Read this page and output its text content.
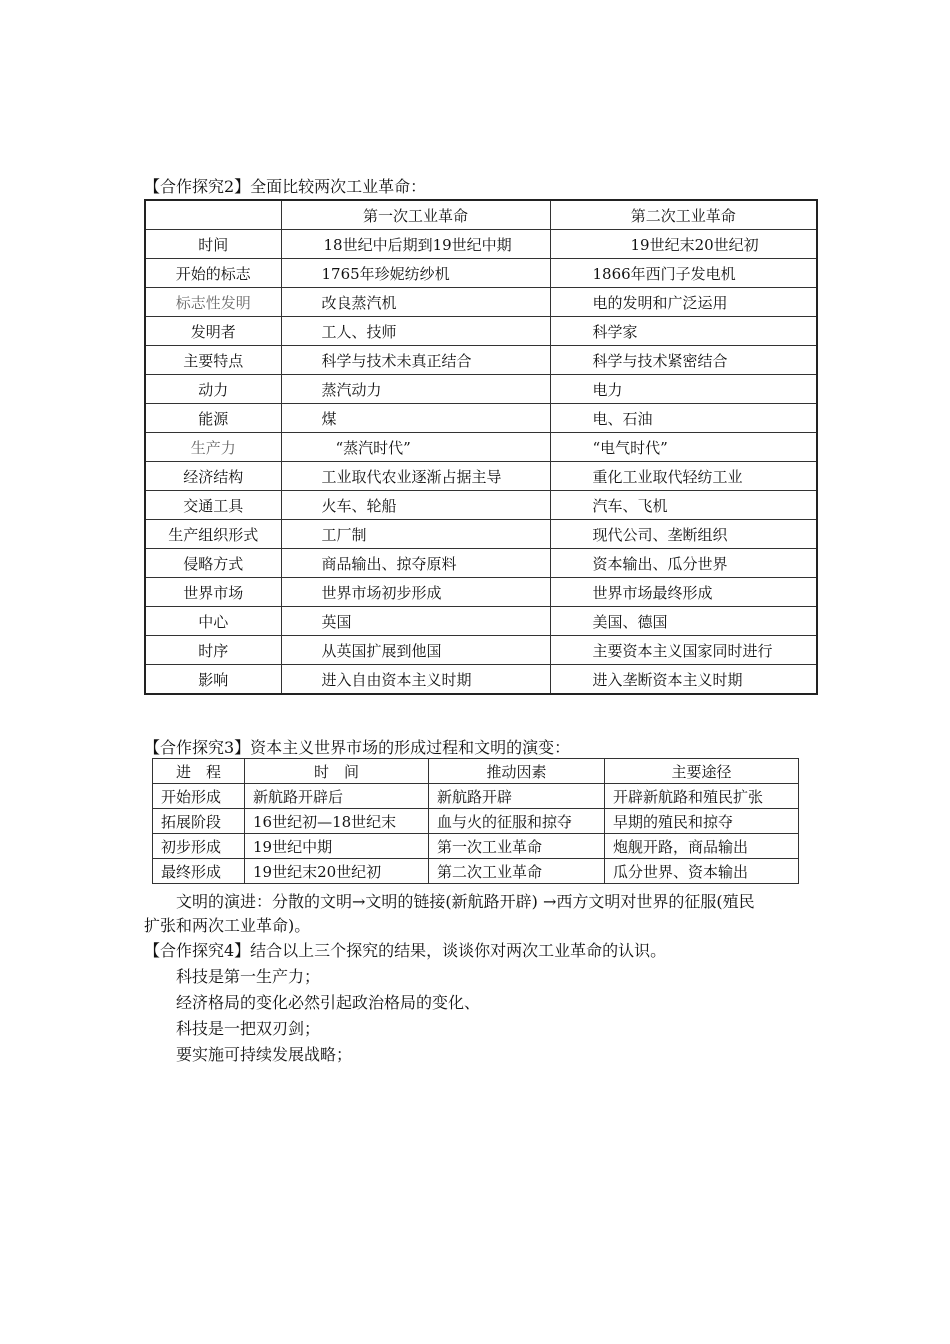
【合作探究2】全面比较两次工业革命：
	第一次工业革命	第二次工业革命
时间	18世纪中后期到19世纪中期	19世纪末20世纪初
开始的标志	1765年珍妮纺纱机	1866年西门子发电机
标志性发明	改良蒸汽机	电的发明和广泛运用
发明者	工人、技师	科学家
主要特点	科学与技术未真正结合	科学与技术紧密结合
动力	蒸汽动力	电力
能源	煤	电、石油
生产力	“蒸汽时代”	“电气时代”
经济结构	工业取代农业逐渐占据主导	重化工业取代轻纺工业
交通工具	火车、轮船	汽车、飞机
生产组织形式	工厂制	现代公司、垄断组织
侵略方式	商品输出、掠夺原料	资本输出、瓜分世界
世界市场	世界市场初步形成	世界市场最终形成
中心	英国	美国、德国
时序	从英国扩展到他国	主要资本主义国家同时进行
影响	进入自由资本主义时期	进入垄断资本主义时期
【合作探究3】资本主义世界市场的形成过程和文明的演变：
进　程	时　间	推动因素	主要途径
开始形成	新航路开辟后	新航路开辟	开辟新航路和殖民扩张
拓展阶段	16世纪初—18世纪末	血与火的征服和掠夺	早期的殖民和掠夺
初步形成	19世纪中期	第一次工业革命	炮舰开路，商品输出
最终形成	19世纪末20世纪初	第二次工业革命	瓜分世界、资本输出
文明的演进：分散的文明→文明的链接(新航路开辟) →西方文明对世界的征服(殖民
扩张和两次工业革命)。
【合作探究4】结合以上三个探究的结果，谈谈你对两次工业革命的认识。
科技是第一生产力；
经济格局的变化必然引起政治格局的变化、
科技是一把双刃剑；
要实施可持续发展战略；
